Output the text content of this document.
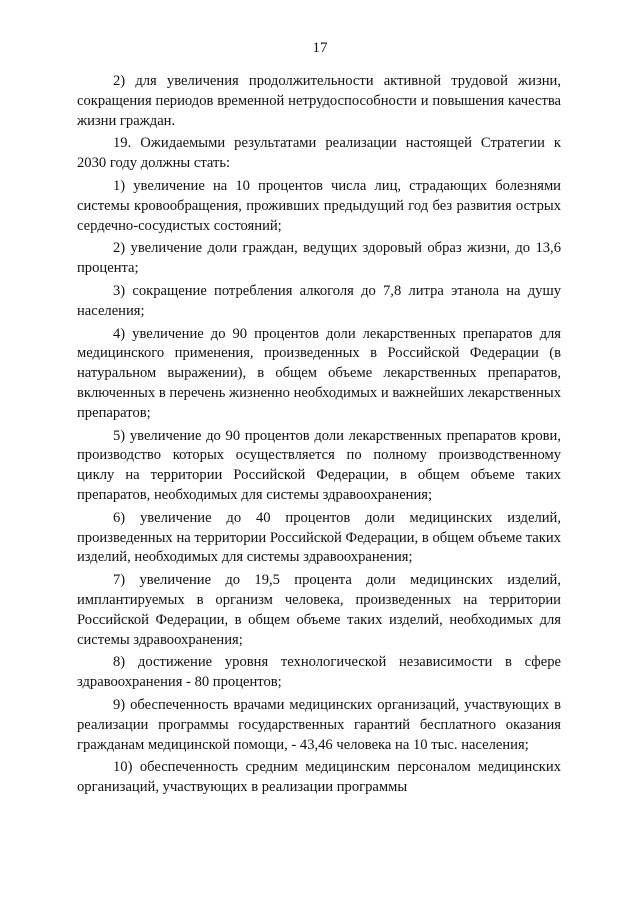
17

2) для увеличения продолжительности активной трудовой жизни, сокращения периодов временной нетрудоспособности и повышения качества жизни граждан.

19. Ожидаемыми результатами реализации настоящей Стратегии к 2030 году должны стать:

1) увеличение на 10 процентов числа лиц, страдающих болезнями системы кровообращения, проживших предыдущий год без развития острых сердечно-сосудистых состояний;

2) увеличение доли граждан, ведущих здоровый образ жизни, до 13,6 процента;

3) сокращение потребления алкоголя до 7,8 литра этанола на душу населения;

4) увеличение до 90 процентов доли лекарственных препаратов для медицинского применения, произведенных в Российской Федерации (в натуральном выражении), в общем объеме лекарственных препаратов, включенных в перечень жизненно необходимых и важнейших лекарственных препаратов;

5) увеличение до 90 процентов доли лекарственных препаратов крови, производство которых осуществляется по полному производственному циклу на территории Российской Федерации, в общем объеме таких препаратов, необходимых для системы здравоохранения;

6) увеличение до 40 процентов доли медицинских изделий, произведенных на территории Российской Федерации, в общем объеме таких изделий, необходимых для системы здравоохранения;

7) увеличение до 19,5 процента доли медицинских изделий, имплантируемых в организм человека, произведенных на территории Российской Федерации, в общем объеме таких изделий, необходимых для системы здравоохранения;

8) достижение уровня технологической независимости в сфере здравоохранения - 80 процентов;

9) обеспеченность врачами медицинских организаций, участвующих в реализации программы государственных гарантий бесплатного оказания гражданам медицинской помощи, - 43,46 человека на 10 тыс. населения;

10) обеспеченность средним медицинским персоналом медицинских организаций, участвующих в реализации программы
